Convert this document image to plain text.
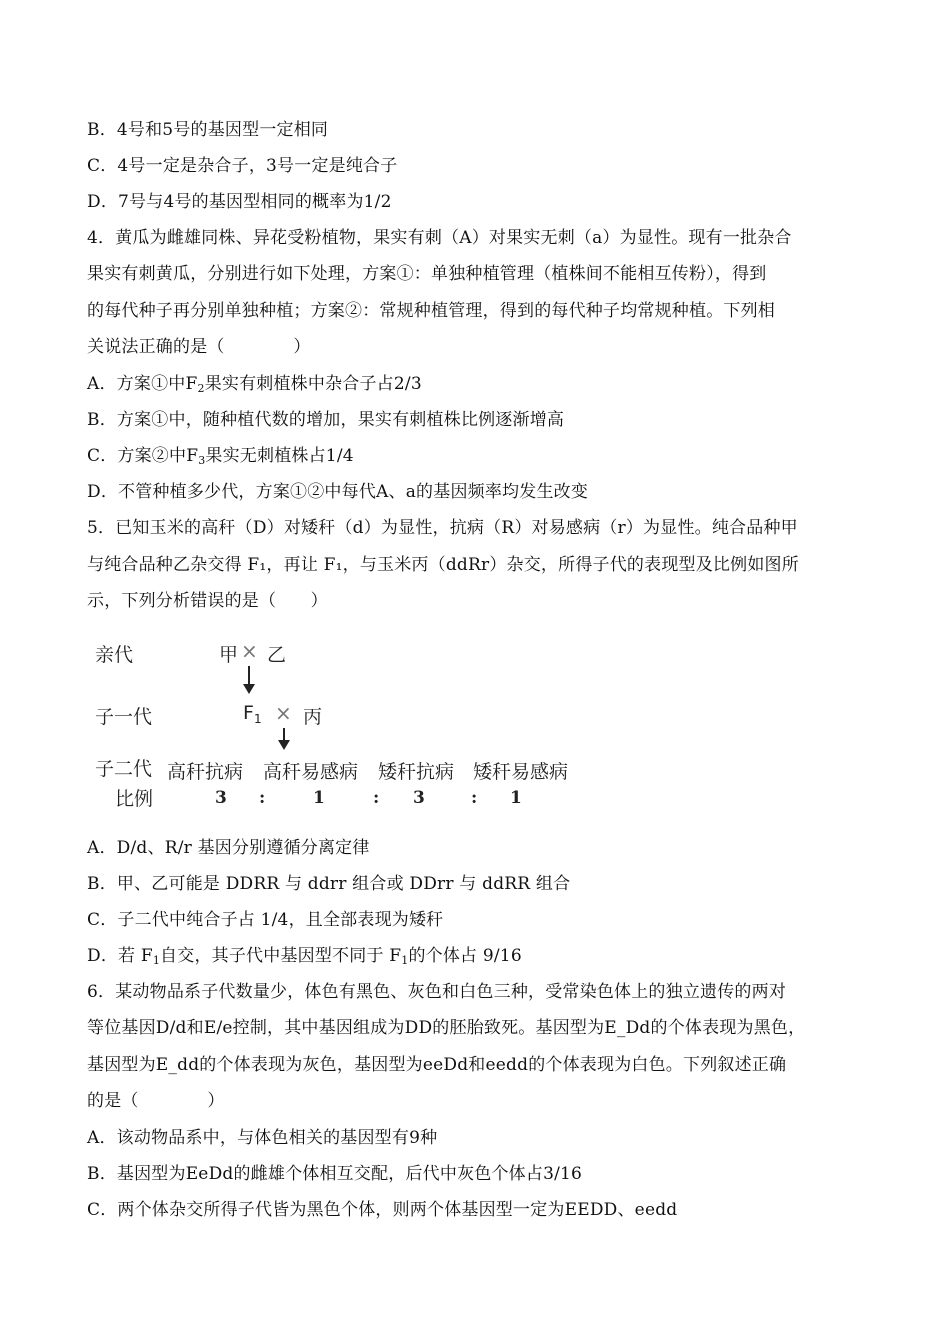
B．4号和5号的基因型一定相同
C．4号一定是杂合子，3号一定是纯合子
D．7号与4号的基因型相同的概率为1/2
4．黄瓜为雌雄同株、异花受粉植物，果实有刺（A）对果实无刺（a）为显性。现有一批杂合
果实有刺黄瓜，分别进行如下处理，方案①：单独种植管理（植株间不能相互传粉），得到
的每代种子再分别单独种植；方案②：常规种植管理，得到的每代种子均常规种植。下列相
关说法正确的是（　　　　）
A．方案①中$F_2$果实有刺植株中杂合子占2/3
B．方案①中，随种植代数的增加，果实有刺植株比例逐渐增高
C．方案②中$F_3$果实无刺植株占1/4
D．不管种植多少代，方案①②中每代A、a的基因频率均发生改变
5．已知玉米的高秆（D）对矮秆（d）为显性，抗病（R）对易感病（r）为显性。纯合品种甲
与纯合品种乙杂交得 F₁，再让 F₁，与玉米丙（ddRr）杂交，所得子代的表现型及比例如图所
示，下列分析错误的是（　　）
亲代	甲 × 乙
子一代	$F_1$ × 丙
子二代 高秆抗病 高秆易感病 矮秆抗病 矮秆易感病
比例	3 :	1	: 3	: 1
A．D/d、R/r 基因分别遵循分离定律
B．甲、乙可能是 DDRR 与 ddrr 组合或 DDrr 与 ddRR 组合
C．子二代中纯合子占 1/4，且全部表现为矮秆
D．若 $F_1$自交，其子代中基因型不同于 $F_1$的个体占 9/16
6．某动物品系子代数量少，体色有黑色、灰色和白色三种，受常染色体上的独立遗传的两对
等位基因D/d和E/e控制，其中基因组成为DD的胚胎致死。基因型为E_Dd的个体表现为黑色，
基因型为E_dd的个体表现为灰色，基因型为eeDd和eedd的个体表现为白色。下列叙述正确
的是（　　　　）
A．该动物品系中，与体色相关的基因型有9种
B．基因型为EeDd的雌雄个体相互交配，后代中灰色个体占3/16
C．两个体杂交所得子代皆为黑色个体，则两个体基因型一定为EEDD、eedd
